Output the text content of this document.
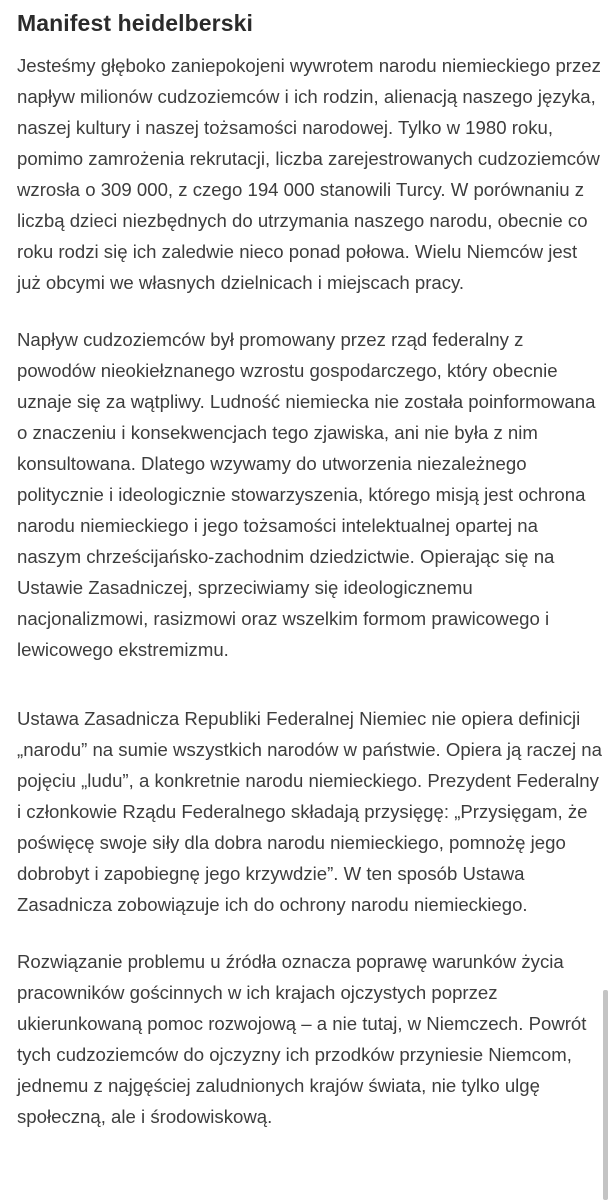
Manifest heidelberski

Jesteśmy głęboko zaniepokojeni wywrotem narodu niemieckiego przez napływ milionów cudzoziemców i ich rodzin, alienacją naszego języka, naszej kultury i naszej tożsamości narodowej. Tylko w 1980 roku, pomimo zamrożenia rekrutacji, liczba zarejestrowanych cudzoziemców wzrosła o 309 000, z czego 194 000 stanowili Turcy. W porównaniu z liczbą dzieci niezbędnych do utrzymania naszego narodu, obecnie co roku rodzi się ich zaledwie nieco ponad połowa. Wielu Niemców jest już obcymi we własnych dzielnicach i miejscach pracy.

Napływ cudzoziemców był promowany przez rząd federalny z powodów nieokiełznanego wzrostu gospodarczego, który obecnie uznaje się za wątpliwy. Ludność niemiecka nie została poinformowana o znaczeniu i konsekwencjach tego zjawiska, ani nie była z nim konsultowana. Dlatego wzywamy do utworzenia niezależnego politycznie i ideologicznie stowarzyszenia, którego misją jest ochrona narodu niemieckiego i jego tożsamości intelektualnej opartej na naszym chrześcijańsko-zachodnim dziedzictwie. Opierając się na Ustawie Zasadniczej, sprzeciwiamy się ideologicznemu nacjonalizmowi, rasizmowi oraz wszelkim formom prawicowego i lewicowego ekstremizmu.

Ustawa Zasadnicza Republiki Federalnej Niemiec nie opiera definicji „narodu” na sumie wszystkich narodów w państwie. Opiera ją raczej na pojęciu „ludu”, a konkretnie narodu niemieckiego. Prezydent Federalny i członkowie Rządu Federalnego składają przysięgę: „Przysięgam, że poświęcę swoje siły dla dobra narodu niemieckiego, pomnożę jego dobrobyt i zapobiegnę jego krzywdzie”. W ten sposób Ustawa Zasadnicza zobowiązuje ich do ochrony narodu niemieckiego.

Rozwiązanie problemu u źródła oznacza poprawę warunków życia pracowników gościnnych w ich krajach ojczystych poprzez ukierunkowaną pomoc rozwojową – a nie tutaj, w Niemczech. Powrót tych cudzoziemców do ojczyzny ich przodków przyniesie Niemcom, jednemu z najgęściej zaludnionych krajów świata, nie tylko ulgę społeczną, ale i środowiskową.
